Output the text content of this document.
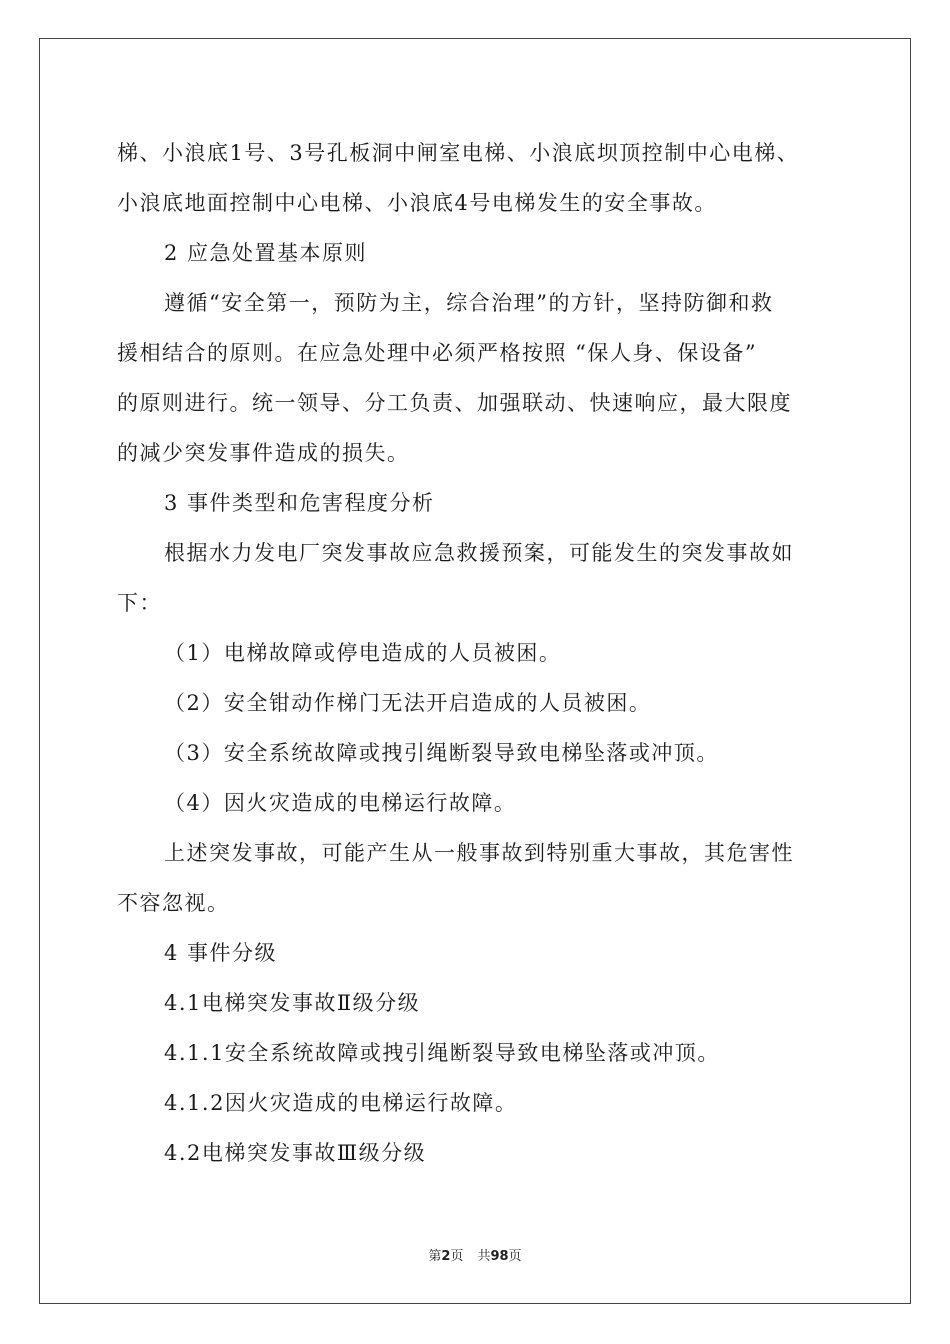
梯、小浪底1号、3号孔板洞中闸室电梯、小浪底坝顶控制中心电梯、
小浪底地面控制中心电梯、小浪底4号电梯发生的安全事故。
2 应急处置基本原则
遵循“安全第一，预防为主，综合治理”的方针，坚持防御和救
援相结合的原则。在应急处理中必须严格按照 “保人身、保设备”
的原则进行。统一领导、分工负责、加强联动、快速响应，最大限度
的减少突发事件造成的损失。
3 事件类型和危害程度分析
根据水力发电厂突发事故应急救援预案，可能发生的突发事故如
下：
（1）电梯故障或停电造成的人员被困。
（2）安全钳动作梯门无法开启造成的人员被困。
（3）安全系统故障或拽引绳断裂导致电梯坠落或冲顶。
（4）因火灾造成的电梯运行故障。
上述突发事故，可能产生从一般事故到特别重大事故，其危害性
不容忽视。
4 事件分级
4.1电梯突发事故Ⅱ级分级
4.1.1安全系统故障或拽引绳断裂导致电梯坠落或冲顶。
4.1.2因火灾造成的电梯运行故障。
4.2电梯突发事故Ⅲ级分级
第2页 共98页
